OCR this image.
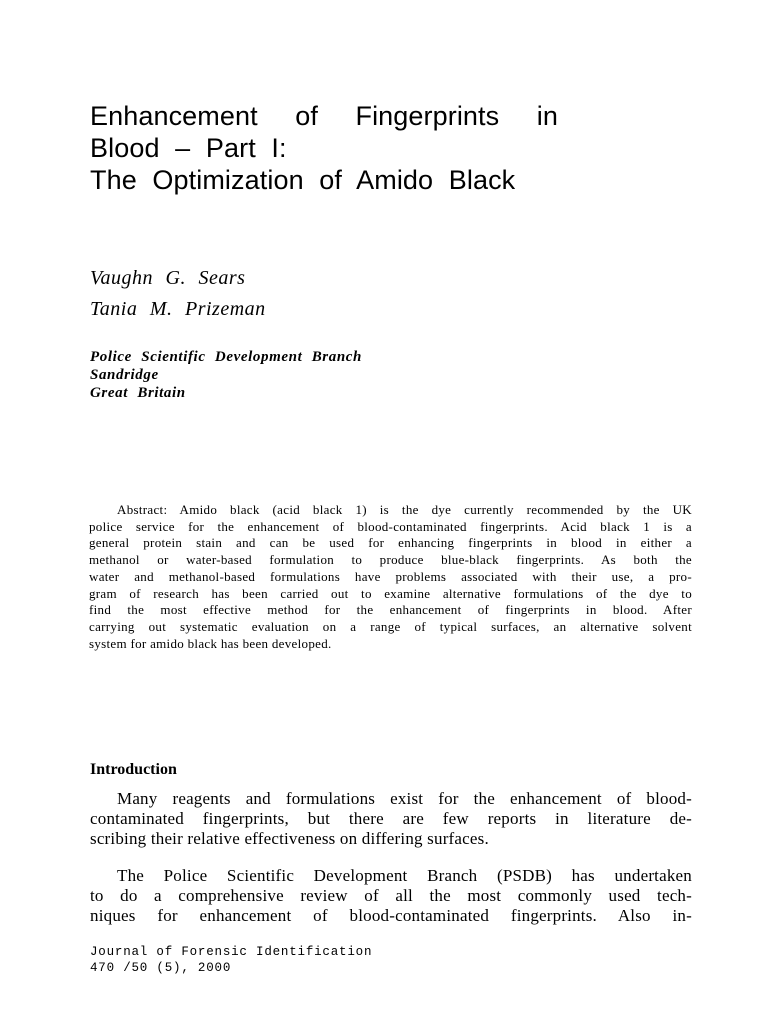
Enhancement of Fingerprints in
Blood – Part I:
The Optimization of Amido Black
Vaughn G. Sears
Tania M. Prizeman
Police Scientific Development Branch
Sandridge
Great Britain
Abstract: Amido black (acid black 1) is the dye currently recommended by the UK
police service for the enhancement of blood-contaminated fingerprints. Acid black 1 is a
general protein stain and can be used for enhancing fingerprints in blood in either a
methanol or water-based formulation to produce blue-black fingerprints. As both the
water and methanol-based formulations have problems associated with their use, a pro-
gram of research has been carried out to examine alternative formulations of the dye to
find the most effective method for the enhancement of fingerprints in blood. After
carrying out systematic evaluation on a range of typical surfaces, an alternative solvent
system for amido black has been developed.
Introduction
Many reagents and formulations exist for the enhancement of blood-
contaminated fingerprints, but there are few reports in literature de-
scribing their relative effectiveness on differing surfaces.
The Police Scientific Development Branch (PSDB) has undertaken
to do a comprehensive review of all the most commonly used tech-
niques for enhancement of blood-contaminated fingerprints. Also in-
Journal of Forensic Identification
470 /50 (5), 2000
